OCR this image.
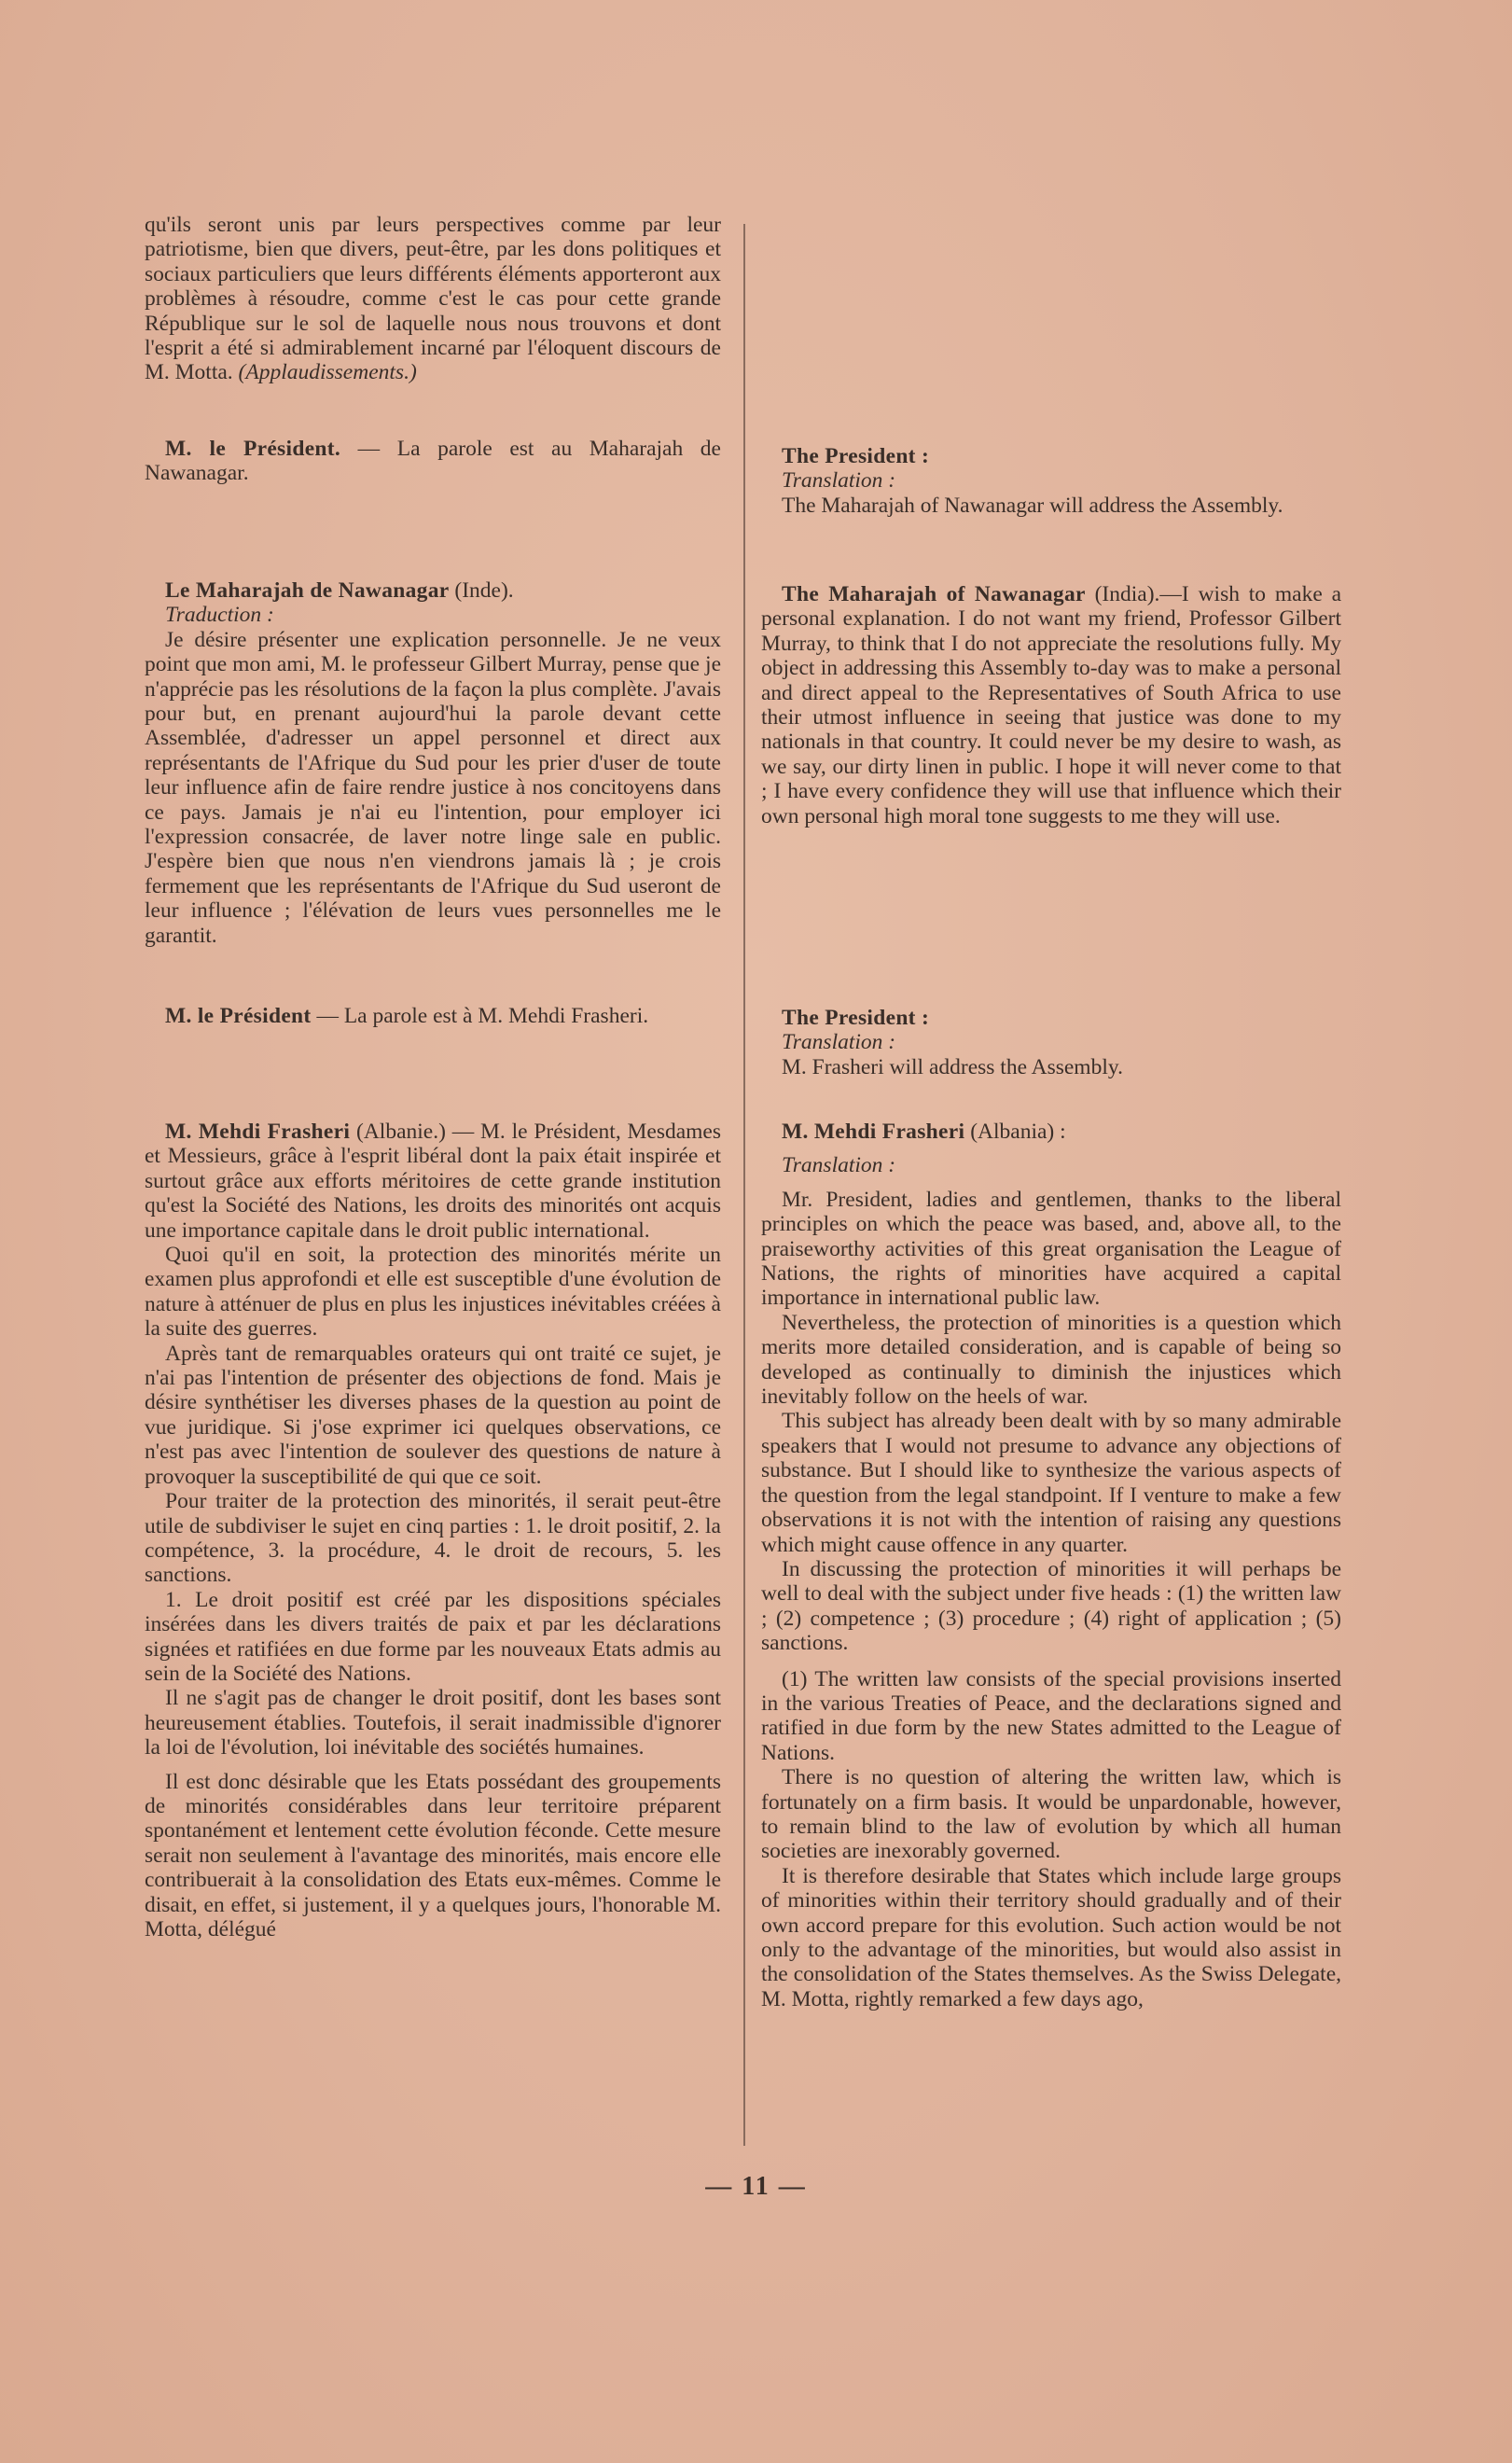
qu'ils seront unis par leurs perspectives comme par leur patriotisme, bien que divers, peut-être, par les dons politiques et sociaux particuliers que leurs différents éléments apporteront aux problèmes à résoudre, comme c'est le cas pour cette grande République sur le sol de laquelle nous nous trouvons et dont l'esprit a été si admirablement incarné par l'éloquent discours de M. Motta. (Applaudissements.)

M. le Président. — La parole est au Maharajah de Nawanagar.

Le Maharajah de Nawanagar (Inde).

Traduction :

Je désire présenter une explication personnelle. Je ne veux point que mon ami, M. le professeur Gilbert Murray, pense que je n'apprécie pas les résolutions de la façon la plus complète. J'avais pour but, en prenant aujourd'hui la parole devant cette Assemblée, d'adresser un appel personnel et direct aux représentants de l'Afrique du Sud pour les prier d'user de toute leur influence afin de faire rendre justice à nos concitoyens dans ce pays. Jamais je n'ai eu l'intention, pour employer ici l'expression consacrée, de laver notre linge sale en public. J'espère bien que nous n'en viendrons jamais là ; je crois fermement que les représentants de l'Afrique du Sud useront de leur influence ; l'élévation de leurs vues personnelles me le garantit.

M. le Président — La parole est à M. Mehdi Frasheri.

M. Mehdi Frasheri (Albanie.) — M. le Président, Mesdames et Messieurs, grâce à l'esprit libéral dont la paix était inspirée et surtout grâce aux efforts méritoires de cette grande institution qu'est la Société des Nations, les droits des minorités ont acquis une importance capitale dans le droit public international.

Quoi qu'il en soit, la protection des minorités mérite un examen plus approfondi et elle est susceptible d'une évolution de nature à atténuer de plus en plus les injustices inévitables créées à la suite des guerres.

Après tant de remarquables orateurs qui ont traité ce sujet, je n'ai pas l'intention de présenter des objections de fond. Mais je désire synthétiser les diverses phases de la question au point de vue juridique. Si j'ose exprimer ici quelques observations, ce n'est pas avec l'intention de soulever des questions de nature à provoquer la susceptibilité de qui que ce soit.

Pour traiter de la protection des minorités, il serait peut-être utile de subdiviser le sujet en cinq parties : 1. le droit positif, 2. la compétence, 3. la procédure, 4. le droit de recours, 5. les sanctions.

1. Le droit positif est créé par les dispositions spéciales insérées dans les divers traités de paix et par les déclarations signées et ratifiées en due forme par les nouveaux Etats admis au sein de la Société des Nations.

Il ne s'agit pas de changer le droit positif, dont les bases sont heureusement établies. Toutefois, il serait inadmissible d'ignorer la loi de l'évolution, loi inévitable des sociétés humaines.

Il est donc désirable que les Etats possédant des groupements de minorités considérables dans leur territoire préparent spontanément et lentement cette évolution féconde. Cette mesure serait non seulement à l'avantage des minorités, mais encore elle contribuerait à la consolidation des Etats eux-mêmes. Comme le disait, en effet, si justement, il y a quelques jours, l'honorable M. Motta, délégué

The President :

Translation :

The Maharajah of Nawanagar will address the Assembly.

The Maharajah of Nawanagar (India).—I wish to make a personal explanation. I do not want my friend, Professor Gilbert Murray, to think that I do not appreciate the resolutions fully. My object in addressing this Assembly to-day was to make a personal and direct appeal to the Representatives of South Africa to use their utmost influence in seeing that justice was done to my nationals in that country. It could never be my desire to wash, as we say, our dirty linen in public. I hope it will never come to that ; I have every confidence they will use that influence which their own personal high moral tone suggests to me they will use.

The President :

Translation :

M. Frasheri will address the Assembly.

M. Mehdi Frasheri (Albania) :

Translation :

Mr. President, ladies and gentlemen, thanks to the liberal principles on which the peace was based, and, above all, to the praiseworthy activities of this great organisation the League of Nations, the rights of minorities have acquired a capital importance in international public law.

Nevertheless, the protection of minorities is a question which merits more detailed consideration, and is capable of being so developed as continually to diminish the injustices which inevitably follow on the heels of war.

This subject has already been dealt with by so many admirable speakers that I would not presume to advance any objections of substance. But I should like to synthesize the various aspects of the question from the legal standpoint. If I venture to make a few observations it is not with the intention of raising any questions which might cause offence in any quarter.

In discussing the protection of minorities it will perhaps be well to deal with the subject under five heads : (1) the written law ; (2) competence ; (3) procedure ; (4) right of application ; (5) sanctions.

(1) The written law consists of the special provisions inserted in the various Treaties of Peace, and the declarations signed and ratified in due form by the new States admitted to the League of Nations.

There is no question of altering the written law, which is fortunately on a firm basis. It would be unpardonable, however, to remain blind to the law of evolution by which all human societies are inexorably governed.

It is therefore desirable that States which include large groups of minorities within their territory should gradually and of their own accord prepare for this evolution. Such action would be not only to the advantage of the minorities, but would also assist in the consolidation of the States themselves. As the Swiss Delegate, M. Motta, rightly remarked a few days ago,

— 11 —
